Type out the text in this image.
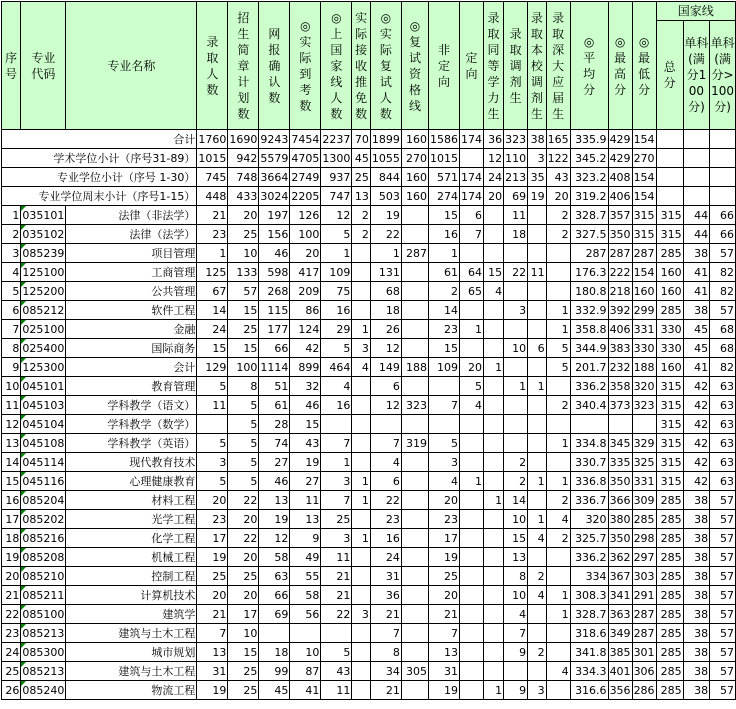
序号	专业代码	专业名称	录取人数	招生简章计划数	网报确认数	◎实际到考数	◎上国家线人数	实际接收推免数	◎实际复试人数	◎复试资格线	非定向	定向	录取同等学力生	录取调剂生	录取本校调剂生	录取深大应届生	◎平均分	◎最高分	◎最低分	国家线		
																				总分	单科(满分100分)	单科(满分>100分)
合计			1760	1690	9243	7454	2237	70	1899	160	1586	174	36	323	38	165	335.9	429	154			
学术学位小计（序号31-89）			1015	942	5579	4705	1300	45	1055	270	1015		12	110	3	122	345.2	429	270			
专业学位小计（序号 1-30）			745	748	3664	2749	937	25	844	160	571	174	24	213	35	43	323.2	408	154			
专业学位周末小计（序号1-15）			448	433	3024	2205	747	13	503	160	274	174	20	69	19	20	319.2	406	154			
1	035101	法律（非法学）	21	20	197	126	12	2	19		15	6		11		2	328.7	357	315	315	44	66
2	035102	法律（法学）	23	25	156	100	5	2	22		16	7		18		2	327.5	350	315	315	44	66
3	085239	项目管理	1	10	46	20	1		1	287	1						287	287	287	285	38	57
4	125100	工商管理	125	133	598	417	109		131		61	64	15	22	11		176.3	222	154	160	41	82
5	125200	公共管理	67	57	268	209	75		68		2	65	4				180.8	218	160	160	41	82
6	085212	软件工程	14	15	115	86	16		18		14			3		1	332.9	392	299	285	38	57
7	025100	金融	24	25	177	124	29	1	26		23	1				1	358.8	406	331	330	45	68
8	025400	国际商务	15	15	66	42	5	3	12		15			10	6	5	344.9	383	330	330	45	68
9	125300	会计	129	100	1114	899	464	4	149	188	109	20	1			5	201.7	232	188	160	41	82
10	045101	教育管理	5	8	51	32	4		6			5		1	1		336.2	358	320	315	42	63
11	045103	学科教学（语文）	11	5	61	46	16		12	323	7	4				2	340.4	373	323	315	42	63
12	045104	学科教学（数学）		5	28	15														315	42	63
13	045108	学科教学（英语）	5	5	74	43	7		7	319	5					1	334.8	345	329	315	42	63
14	045114	现代教育技术	3	5	27	19	1		4		3			2			330.7	335	325	315	42	63
15	045116	心理健康教育	5	5	46	27	3	1	6		4	1		2	1	1	336.8	350	331	315	42	63
16	085204	材料工程	20	22	13	11	7	1	22		20		1	14		2	336.7	366	309	285	38	57
17	085202	光学工程	23	20	19	13	25		23		23			10	1	4	320	380	285	285	38	57
18	085216	化学工程	17	22	12	9	3	1	16		17			15	4	2	325.7	350	298	285	38	57
19	085208	机械工程	19	20	58	49	11		24		19			13			336.2	362	297	285	38	57
20	085210	控制工程	25	25	63	55	21		31		25			8	2		334	367	303	285	38	57
21	085211	计算机技术	20	20	66	58	21		36		20			10	4	1	308.3	341	291	285	38	57
22	085100	建筑学	21	17	69	56	22	3	21		21			4		1	328.7	363	287	285	38	57
23	085213	建筑与土木工程	7	10					7		7			7			318.6	349	287	285	38	57
24	085300	城市规划	13	15	18	10	5		8		13			9	2		341.8	385	301	285	38	57
25	085213	建筑与土木工程	31	25	99	87	43		34	305	31					4	334.3	401	306	285	38	57
26	085240	物流工程	19	25	45	41	11		21		19		1	9	3		316.6	356	286	285	38	57
